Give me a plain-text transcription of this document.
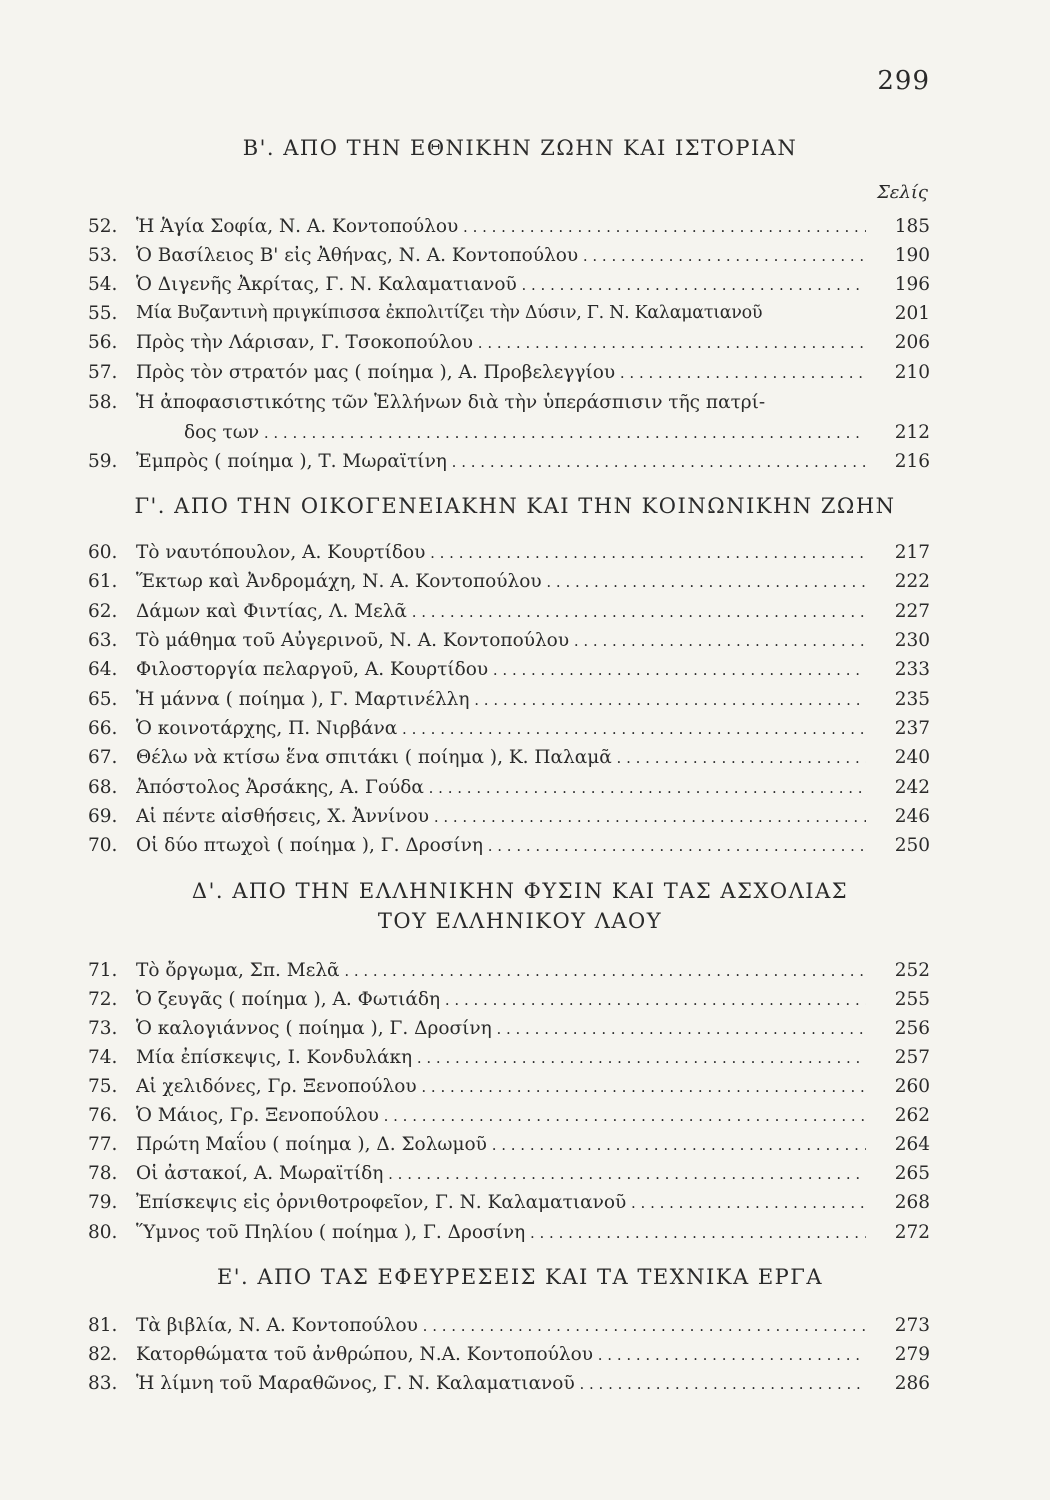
299
Β'. ΑΠΟ ΤΗΝ ΕΘΝΙΚΗΝ ΖΩΗΝ ΚΑΙ ΙΣΤΟΡΙΑΝ
Σελίς
52.	Ἡ Ἁγία Σοφία, Ν. Α. Κοντοπούλου . . .	185
53.	Ὁ Βασίλειος Β' εἰς Ἀθήνας, Ν. Α. Κοντοπούλου . . .	190
54.	Ὁ Διγενῆς Ἀκρίτας, Γ. Ν. Καλαματιανοῦ . . .	196
55.	Μία Βυζαντινὴ πριγκίπισσα ἐκπολιτίζει τὴν Δύσιν, Γ. Ν. Καλαματιανοῦ	201
56.	Πρὸς τὴν Λάρισαν, Γ. Τσοκοπούλου . . .	206
57.	Πρὸς τὸν στρατόν μας ( ποίημα ), Α. Προβελεγγίου . . .	210
58.	Ἡ ἀποφασιστικότης τῶν Ἑλλήνων διὰ τὴν ὑπεράσπισιν τῆς πατρί-
δος των . . .	212
59.	Ἐμπρὸς ( ποίημα ), Τ. Μωραϊτίνη . . .	216
Γ'. ΑΠΟ ΤΗΝ ΟΙΚΟΓΕΝΕΙΑΚΗΝ ΚΑΙ ΤΗΝ ΚΟΙΝΩΝΙΚΗΝ ΖΩΗΝ
60.	Τὸ ναυτόπουλον, Α. Κουρτίδου . . .	217
61.	Ἕκτωρ καὶ Ἀνδρομάχη, Ν. Α. Κοντοπούλου . . .	222
62.	Δάμων καὶ Φιντίας, Λ. Μελᾶ . . .	227
63.	Τὸ μάθημα τοῦ Αὐγερινοῦ, Ν. Α. Κοντοπούλου . . .	230
64.	Φιλοστοργία πελαργοῦ, Α. Κουρτίδου . . .	233
65.	Ἡ μάννα ( ποίημα ), Γ. Μαρτινέλλη . . .	235
66.	Ὁ κοινοτάρχης, Π. Νιρβάνα . . .	237
67.	Θέλω νὰ κτίσω ἕνα σπιτάκι ( ποίημα ), Κ. Παλαμᾶ . . .	240
68.	Ἀπόστολος Ἀρσάκης, Α. Γούδα . . .	242
69.	Αἱ πέντε αἰσθήσεις, Χ. Ἀννίνου . . .	246
70.	Οἱ δύο πτωχοὶ ( ποίημα ), Γ. Δροσίνη . . .	250
Δ'. ΑΠΟ ΤΗΝ ΕΛΛΗΝΙΚΗΝ ΦΥΣΙΝ ΚΑΙ ΤΑΣ ΑΣΧΟΛΙΑΣ
ΤΟΥ ΕΛΛΗΝΙΚΟΥ ΛΑΟΥ
71.	Τὸ ὄργωμα, Σπ. Μελᾶ . . .	252
72.	Ὁ ζευγᾶς ( ποίημα ), Α. Φωτιάδη . . .	255
73.	Ὁ καλογιάννος ( ποίημα ), Γ. Δροσίνη . . .	256
74.	Μία ἐπίσκεψις, Ι. Κονδυλάκη . . .	257
75.	Αἱ χελιδόνες, Γρ. Ξενοπούλου . . .	260
76.	Ὁ Μάιος, Γρ. Ξενοπούλου . . .	262
77.	Πρώτη Μαΐου ( ποίημα ), Δ. Σολωμοῦ . . .	264
78.	Οἱ ἀστακοί, Α. Μωραϊτίδη . . .	265
79.	Ἐπίσκεψις εἰς ὀρνιθοτροφεῖον, Γ. Ν. Καλαματιανοῦ . . .	268
80.	Ὕμνος τοῦ Πηλίου ( ποίημα ), Γ. Δροσίνη . . .	272
Ε'. ΑΠΟ ΤΑΣ ΕΦΕΥΡΕΣΕΙΣ ΚΑΙ ΤΑ ΤΕΧΝΙΚΑ ΕΡΓΑ
81.	Τὰ βιβλία, Ν. Α. Κοντοπούλου . . .	273
82.	Κατορθώματα τοῦ ἀνθρώπου, Ν.Α. Κοντοπούλου . . .	279
83.	Ἡ λίμνη τοῦ Μαραθῶνος, Γ. Ν. Καλαματιανοῦ . . .	286
